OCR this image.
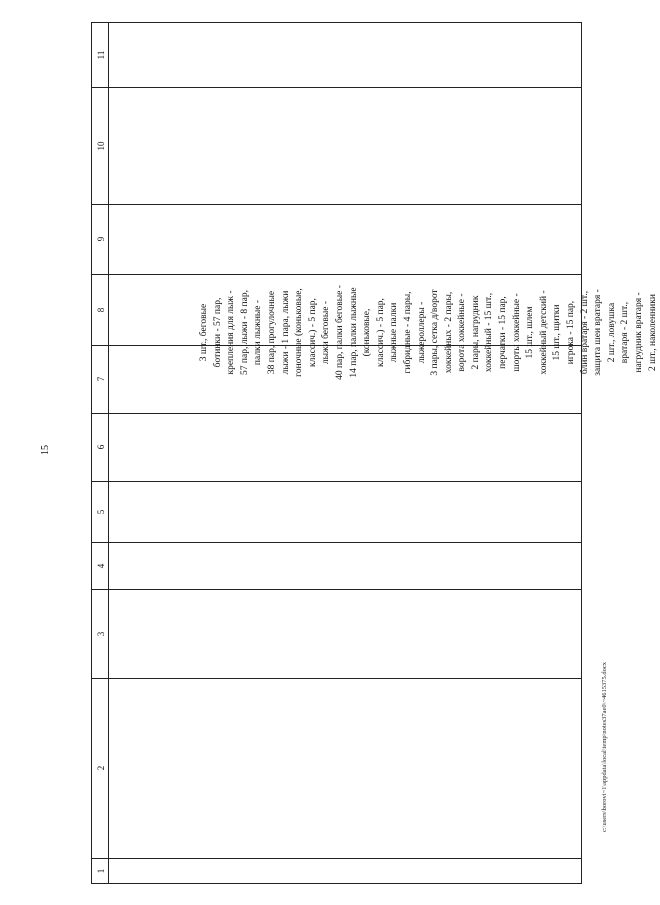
15
1
2
3
4
5
6
7
8
9
10
11
3 шт., беговые ботинки - 57 пар, крепления для лыж - 57 пар, лыжи - 8 пар, палки лыжные - 38 пар, прогулочные лыжи - 1 пара, лыжи гоночные (коньковые, классич.) - 5 пар, лыжи беговые - 40 пар, палки беговые - 14 пар, палки лыжные (коньковые, классич.) - 5 пар, лыжные палки гибридные - 4 пары, лыжероллеры - 3 пары, сетка д/ворот хоккейных - 2 пары, ворота хоккейные - 2 пары, нагрудник хоккейный - 15 шт., перчатки - 15 пар, шорты хоккейные - 15 шт., шлем хоккейный детский - 15 шт., щитки игрока - 15 пар, блин вратаря - 2 шт., защита шеи вратаря - 2 шт., ловушка вратаря - 2 шт., нагрудник вратаря - 2 шт., наколенники
c:\users\borovi~1\appdata\local\temp\notes37ae0\~4615375.docx
